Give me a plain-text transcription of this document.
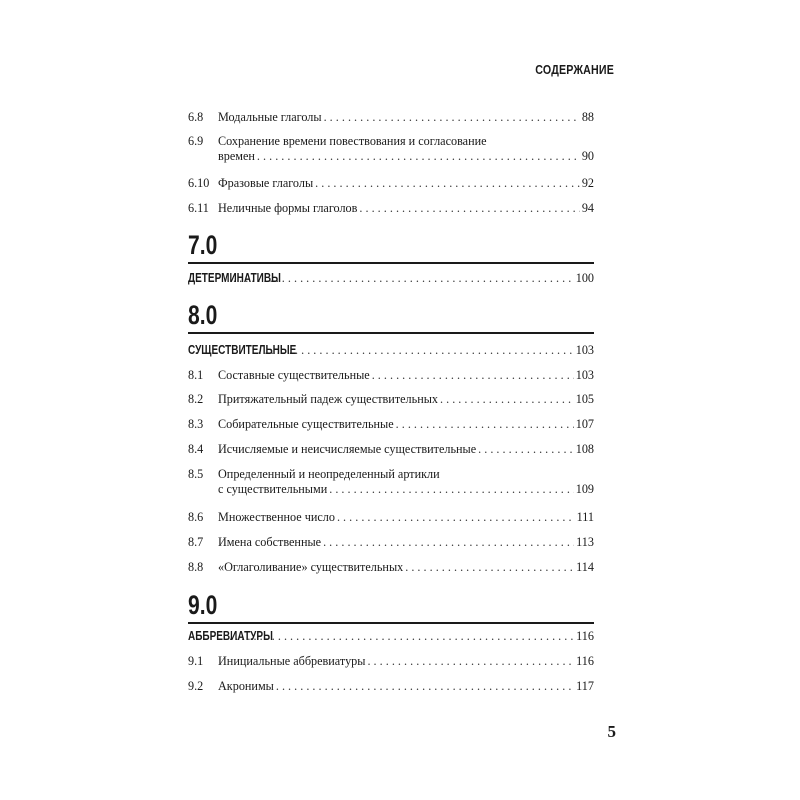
СОДЕРЖАНИЕ
6.8	Модальные глаголы . . .	88
6.9	Сохранение времени повествования и согласование
времен . . .	90
6.10 Фразовые глаголы . . .	92
6.11 Неличные формы глаголов . . .	94
7.0
ДЕТЕРМИНАТИВЫ . . .	100
8.0
СУЩЕСТВИТЕЛЬНЫЕ . . .	103
8.1	Составные существительные . . .	103
8.2	Притяжательный падеж существительных . . .	105
8.3	Собирательные существительные . . .	107
8.4	Исчисляемые и неисчисляемые существительные . . .	108
8.5	Определенный и неопределенный артикли
с существительными . . .	109
8.6	Множественное число . . .	111
8.7	Имена собственные . . .	113
8.8	«Оглаголивание» существительных . . .	114
9.0
АББРЕВИАТУРЫ . . .	116
9.1	Инициальные аббревиатуры . . .	116
9.2	Акронимы . . .	117
5
